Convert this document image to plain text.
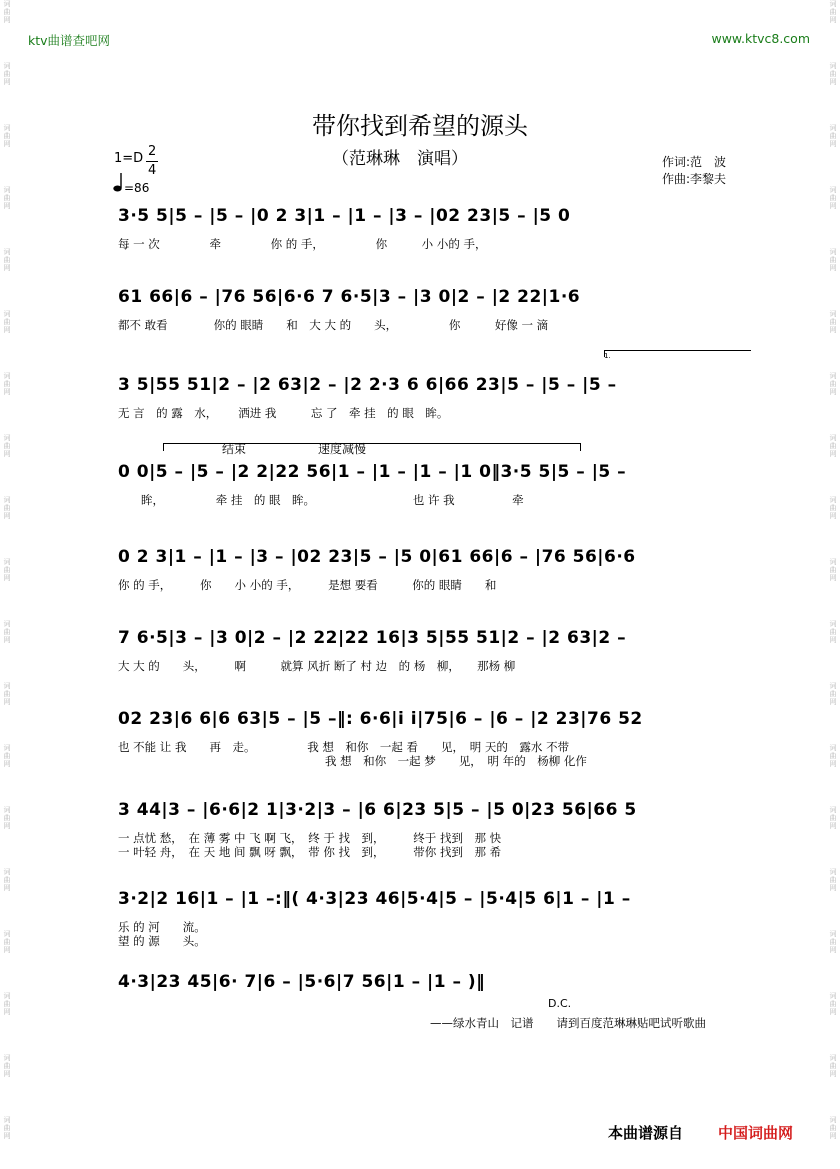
词
曲
网
词
曲
网
词
曲
网
词
曲
网
词
曲
网
词
曲
网
词
曲
网
词
曲
网
词
曲
网
词
曲
网
词
曲
网
词
曲
网
词
曲
网
词
曲
网
词
曲
网
词
曲
网
词
曲
网
词
曲
网
词
曲
网
词
曲
网
词
曲
网
词
曲
网
词
曲
网
词
曲
网
词
曲
网
词
曲
网
词
曲
网
词
曲
网
词
曲
网
词
曲
网
词
曲
网
词
曲
网
词
曲
网
词
曲
网
词
曲
网
词
曲
网
词
曲
网
词
曲
网
ktv曲谱查吧网	www.ktvc8.com
带你找到希望的源头
（范琳琳　演唱）	作词:范　波
作曲:李黎夫
1=D 2
4
=86
结束	速度减慢
1.
3·5 5|5 – |5 – |0 2 3|1 – |1 – |3 – |02 23|5 – |5 0
每 一 次　　　　 牵　　　　 你 的 手，　　　　　你　　　小 小的 手，
61 66|6 – |76 56|6·6 7 6·5|3 – |3 0|2 – |2 22|1·6
都不 敢看　　　　你的 眼睛　　和　大 大 的　　头，　　　　　你　　　好像 一 滴
3 5|55 51|2 – |2 63|2 – |2 2·3 6 6|66 23|5 – |5 – |5 –
无 言　的 露　水，　　 洒进 我　　　忘 了　牵 挂　的 眼　眸。
0 0|5 – |5 – |2 2|22 56|1 – |1 – |1 – |1 0‖3·5 5|5 – |5 –
　　眸，　　　　　牵 挂　的 眼　眸。　　　　　　　　　也 许 我　　　　　牵
0 2 3|1 – |1 – |3 – |02 23|5 – |5 0|61 66|6 – |76 56|6·6
你 的 手，　　　你　　小 小的 手，　　　是想 要看　　　你的 眼睛　　和
7 6·5|3 – |3 0|2 – |2 22|22 16|3 5|55 51|2 – |2 63|2 –
大 大 的　　头，　　　啊　　　就算 风折 断了 村 边　的 杨　柳，　　那杨 柳
02 23|6 6|6 63|5 – |5 –‖: 6·6|i i|75|6 – |6 – |2 23|76 52
也 不能 让 我　　再　走。　　　　　我 想　和你　一起 看　　见，　明 天的　露水 不带
　　　　　　　　　　　　　　　　　　我 想　和你　一起 梦　　见，　明 年的　杨柳 化作
3 44|3 – |6·6|2 1|3·2|3 – |6 6|23 5|5 – |5 0|23 56|66 5
一 点忧 愁，　在 薄 雾 中 飞 啊 飞，　终 于 找　到，　　　终于 找到　那 快
一 叶轻 舟，　在 天 地 间 飘 呀 飘，　带 你 找　到，　　　带你 找到　那 希
3·2|2 16|1 – |1 –:‖( 4·3|23 46|5·4|5 – |5·4|5 6|1 – |1 –
乐 的 河　　流。
望 的 源　　头。
4·3|23 45|6· 7|6 – |5·6|7 56|1 – |1 – )‖
D.C.
——绿水青山　记谱　　请到百度范琳琳贴吧试听歌曲
本曲谱源自 中国词曲网
